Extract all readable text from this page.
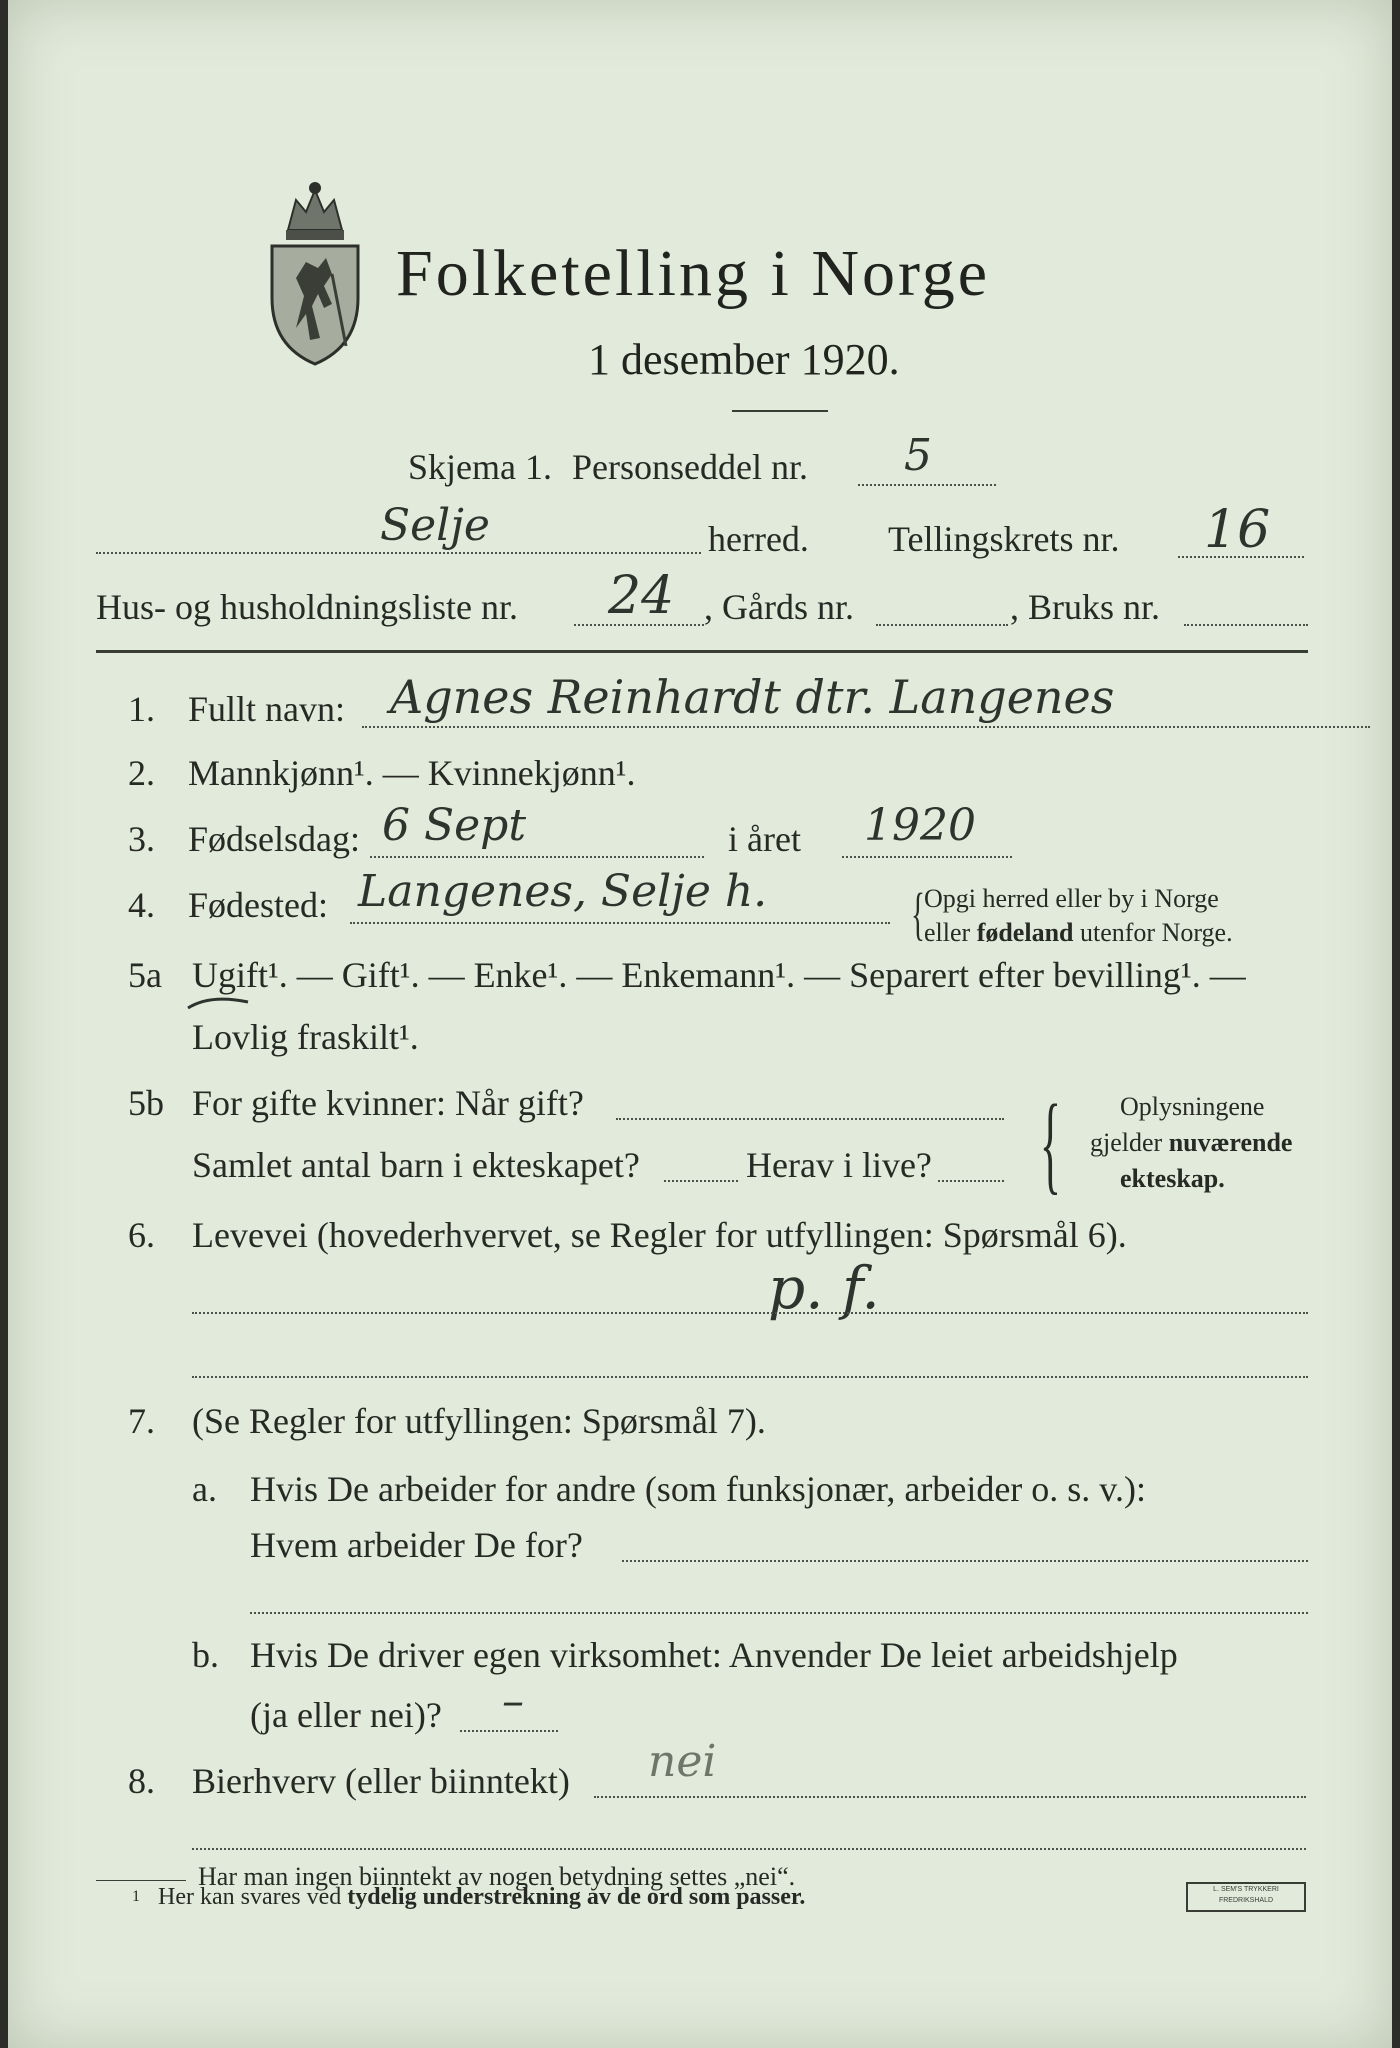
Folketelling i Norge
1 desember 1920.
Skjema 1. Personseddel nr. 5
Selje	herred. Tellingskrets nr. 16
Hus- og husholdningsliste nr. 24 , Gårds nr.	, Bruks nr.
1. Fullt navn: Agnes Reinhardt dtr. Langenes
2. Mannkjønn¹. — Kvinnekjønn¹.
3. Fødselsdag: 6 Sept	i året 1920
4. Fødested: Langenes, Selje h. { Opgi herred eller by i Norge
eller fødeland utenfor Norge.
5a Ugift¹. — Gift¹. — Enke¹. — Enkemann¹. — Separert efter bevilling¹. —
Lovlig fraskilt¹.
5b For gifte kvinner: Når gift?
Samlet antal barn i ekteskapet?	Herav i live? { Oplysningene
gjelder nuværende
ekteskap.
6. Levevei (hovederhvervet, se Regler for utfyllingen: Spørsmål 6).
p. f.
7. (Se Regler for utfyllingen: Spørsmål 7).
a. Hvis De arbeider for andre (som funksjonær, arbeider o. s. v.):
Hvem arbeider De for?
b. Hvis De driver egen virksomhet: Anvender De leiet arbeidshjelp
(ja eller nei)? –
8. Bierhverv (eller biinntekt) nei
Har man ingen biinntekt av nogen betydning settes „nei“.
1 Her kan svares ved tydelig understrekning av de ord som passer.	L. SEM'S TRYKKERI
FREDRIKSHALD
